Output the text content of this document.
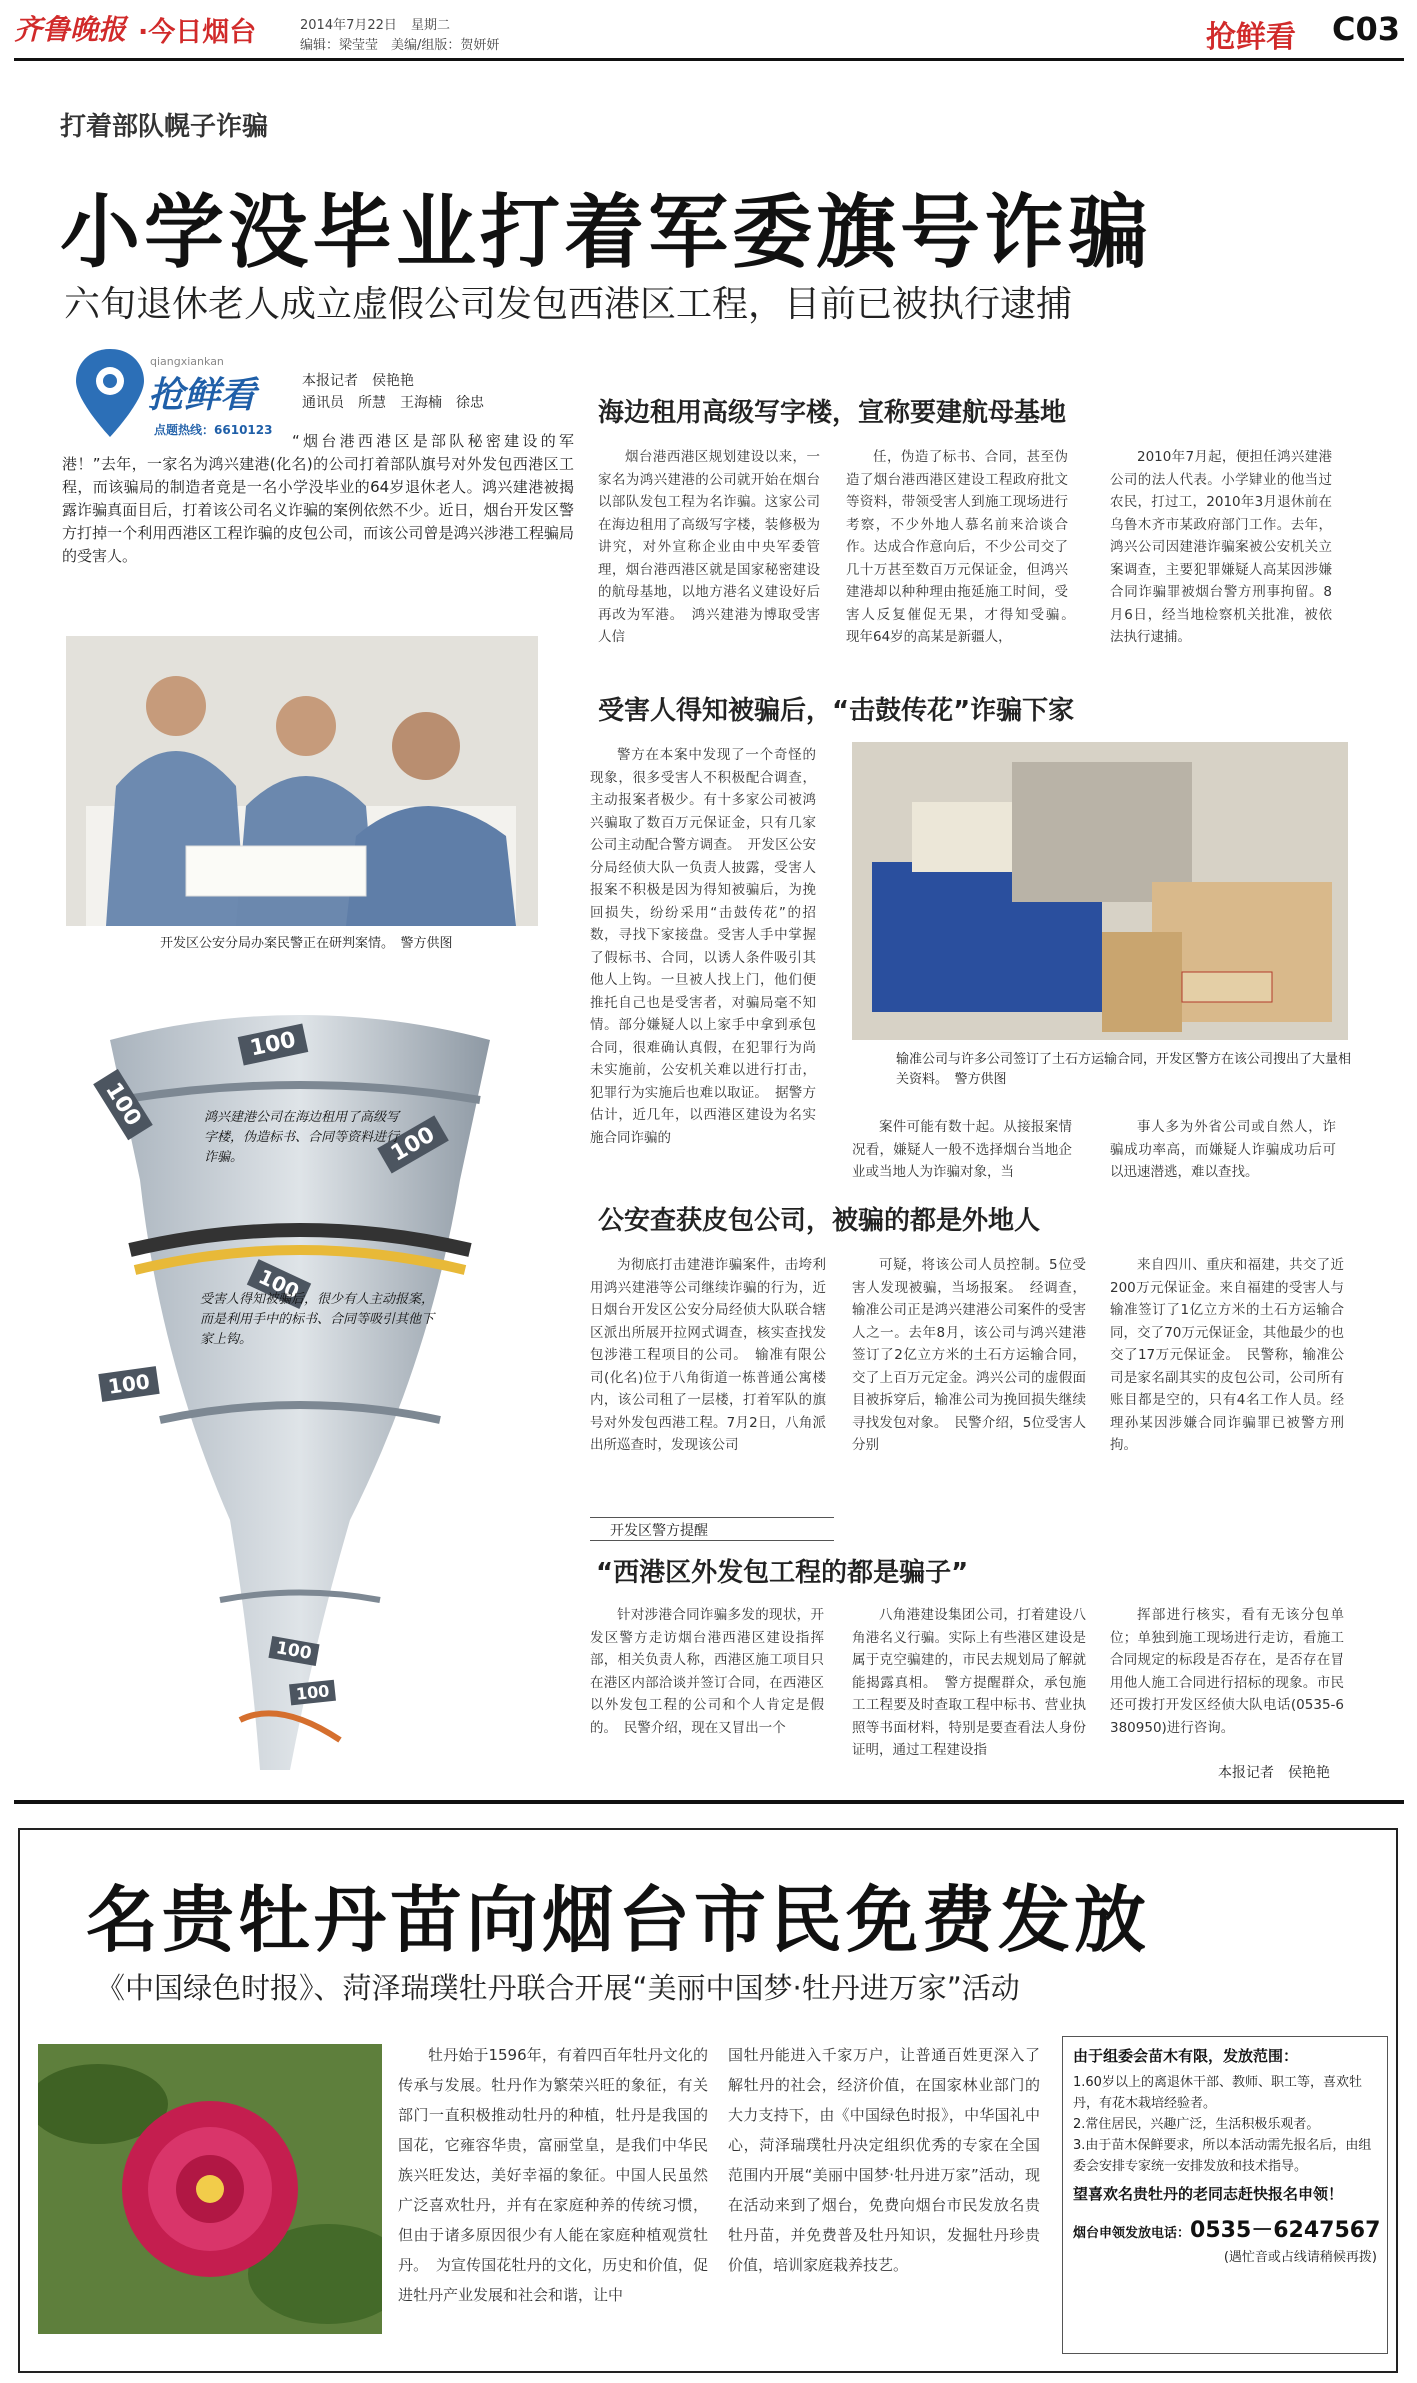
齐鲁晚报 ·今日烟台	2014年7月22日 星期二
编辑：梁莹莹　美编/组版：贺妍妍	抢鲜看 C03
打着部队幌子诈骗
小学没毕业打着军委旗号诈骗
六旬退休老人成立虚假公司发包西港区工程，目前已被执行逮捕
qiangxiankan
抢鲜看
点题热线：6610123
本报记者　侯艳艳
通讯员　所慧　王海楠　徐忠
“烟台港西港区是部队秘密建设的军港！”去年，一家名为鸿兴建港(化名)的公司打着部队旗号对外发包西港区工程，而该骗局的制造者竟是一名小学没毕业的64岁退休老人。鸿兴建港被揭露诈骗真面目后，打着该公司名义诈骗的案例依然不少。近日，烟台开发区警方打掉一个利用西港区工程诈骗的皮包公司，而该公司曾是鸿兴涉港工程骗局的受害人。
开发区公安分局办案民警正在研判案情。　警方供图
海边租用高级写字楼，宣称要建航母基地

烟台港西港区规划建设以来，一家名为鸿兴建港的公司就开始在烟台以部队发包工程为名诈骗。这家公司在海边租用了高级写字楼，装修极为讲究，对外宣称企业由中央军委管理，烟台港西港区就是国家秘密建设的航母基地，以地方港名义建设好后再改为军港。　鸿兴建港为博取受害人信

任，伪造了标书、合同，甚至伪造了烟台港西港区建设工程政府批文等资料，带领受害人到施工现场进行考察，不少外地人慕名前来洽谈合作。达成合作意向后，不少公司交了几十万甚至数百万元保证金，但鸿兴建港却以种种理由拖延施工时间，受害人反复催促无果，才得知受骗。　现年64岁的高某是新疆人，

2010年7月起，便担任鸿兴建港公司的法人代表。小学肄业的他当过农民，打过工，2010年3月退休前在乌鲁木齐市某政府部门工作。去年，鸿兴公司因建港诈骗案被公安机关立案调查，主要犯罪嫌疑人高某因涉嫌合同诈骗罪被烟台警方刑事拘留。8月6日，经当地检察机关批准，被依法执行逮捕。

受害人得知被骗后，“击鼓传花”诈骗下家

警方在本案中发现了一个奇怪的现象，很多受害人不积极配合调查，主动报案者极少。有十多家公司被鸿兴骗取了数百万元保证金，只有几家公司主动配合警方调查。　开发区公安分局经侦大队一负责人披露，受害人报案不积极是因为得知被骗后，为挽回损失，纷纷采用“击鼓传花”的招数，寻找下家接盘。受害人手中掌握了假标书、合同，以诱人条件吸引其他人上钩。一旦被人找上门，他们便推托自己也是受害者，对骗局毫不知情。部分嫌疑人以上家手中拿到承包合同，很难确认真假，在犯罪行为尚未实施前，公安机关难以进行打击，犯罪行为实施后也难以取证。　据警方估计，近几年，以西港区建设为名实施合同诈骗的

输准公司与许多公司签订了土石方运输合同，开发区警方在该公司搜出了大量相关资料。　警方供图

案件可能有数十起。从接报案情况看，嫌疑人一般不选择烟台当地企业或当地人为诈骗对象，当

事人多为外省公司或自然人，诈骗成功率高，而嫌疑人诈骗成功后可以迅速潜逃，难以查找。

100
100
100
100
100
100
100
鸿兴建港公司在海边租用了高级写字楼，伪造标书、合同等资料进行诈骗。
受害人得知被骗后，很少有人主动报案，而是利用手中的标书、合同等吸引其他下家上钩。
公安查获皮包公司，被骗的都是外地人

为彻底打击建港诈骗案件，击垮利用鸿兴建港等公司继续诈骗的行为，近日烟台开发区公安分局经侦大队联合辖区派出所展开拉网式调查，核实查找发包涉港工程项目的公司。　输准有限公司(化名)位于八角街道一栋普通公寓楼内，该公司租了一层楼，打着军队的旗号对外发包西港工程。7月2日，八角派出所巡查时，发现该公司

可疑，将该公司人员控制。5位受害人发现被骗，当场报案。　经调查，输准公司正是鸿兴建港公司案件的受害人之一。去年8月，该公司与鸿兴建港签订了2亿立方米的土石方运输合同，交了上百万元定金。鸿兴公司的虚假面目被拆穿后，输准公司为挽回损失继续寻找发包对象。　民警介绍，5位受害人分别

来自四川、重庆和福建，共交了近200万元保证金。来自福建的受害人与输准签订了1亿立方米的土石方运输合同，交了70万元保证金，其他最少的也交了17万元保证金。　民警称，输准公司是家名副其实的皮包公司，公司所有账目都是空的，只有4名工作人员。经理孙某因涉嫌合同诈骗罪已被警方刑拘。

开发区警方提醒
“西港区外发包工程的都是骗子”

针对涉港合同诈骗多发的现状，开发区警方走访烟台港西港区建设指挥部，相关负责人称，西港区施工项目只在港区内部洽谈并签订合同，在西港区以外发包工程的公司和个人肯定是假的。　民警介绍，现在又冒出一个

八角港建设集团公司，打着建设八角港名义行骗。实际上有些港区建设是属于克空骗建的，市民去规划局了解就能揭露真相。　警方提醒群众，承包施工工程要及时查取工程中标书、营业执照等书面材料，特别是要查看法人身份证明，通过工程建设指

挥部进行核实，看有无该分包单位；单独到施工现场进行走访，看施工合同规定的标段是否存在，是否存在冒用他人施工合同进行招标的现象。市民还可拨打开发区经侦大队电话(0535-6380950)进行咨询。

本报记者　侯艳艳
名贵牡丹苗向烟台市民免费发放
《中国绿色时报》、菏泽瑞璞牡丹联合开展“美丽中国梦·牡丹进万家”活动

牡丹始于1596年，有着四百年牡丹文化的传承与发展。牡丹作为繁荣兴旺的象征，有关部门一直积极推动牡丹的种植，牡丹是我国的国花，它雍容华贵，富丽堂皇，是我们中华民族兴旺发达，美好幸福的象征。中国人民虽然广泛喜欢牡丹，并有在家庭种养的传统习惯，但由于诸多原因很少有人能在家庭种植观赏牡丹。　为宣传国花牡丹的文化，历史和价值，促进牡丹产业发展和社会和谐，让中

国牡丹能进入千家万户，让普通百姓更深入了解牡丹的社会，经济价值，在国家林业部门的大力支持下，由《中国绿色时报》，中华国礼中心，菏泽瑞璞牡丹决定组织优秀的专家在全国范围内开展“美丽中国梦·牡丹进万家”活动，现在活动来到了烟台，免费向烟台市民发放名贵牡丹苗，并免费普及牡丹知识，发掘牡丹珍贵价值，培训家庭栽养技艺。

由于组委会苗木有限，发放范围：
1.60岁以上的离退休干部、教师、职工等，喜欢牡丹，有花木栽培经验者。
2.常住居民，兴趣广泛，生活积极乐观者。
3.由于苗木保鲜要求，所以本活动需先报名后，由组委会安排专家统一安排发放和技术指导。
望喜欢名贵牡丹的老同志赶快报名申领！
烟台申领发放电话：0535－6247567
(遇忙音或占线请稍候再拨)
